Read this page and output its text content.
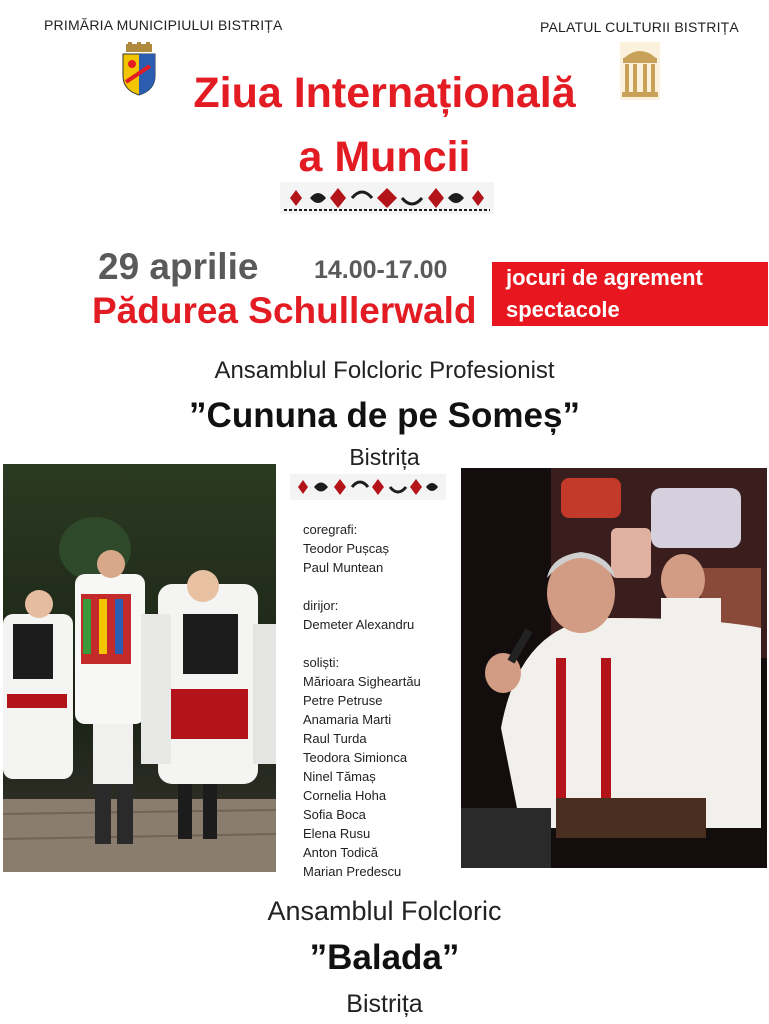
PRIMĂRIA MUNICIPIULUI BISTRIȚA	PALATUL CULTURII BISTRIȚA
Ziua Internațională
a Muncii
29 aprilie 14.00-17.00
Pădurea Schullerwald
jocuri de agrement
spectacole
Ansamblul Folcloric Profesionist
”Cununa de pe Someș”
Bistrița
coregrafi:
Teodor Pușcaș
Paul Muntean
dirijor:
Demeter Alexandru
soliști:
Mărioara Sigheartău
Petre Petruse
Anamaria Marti
Raul Turda
Teodora Simionca
Ninel Tămaș
Cornelia Hoha
Sofia Boca
Elena Rusu
Anton Todică
Marian Predescu
Ansamblul Folcloric
”Balada”
Bistrița
